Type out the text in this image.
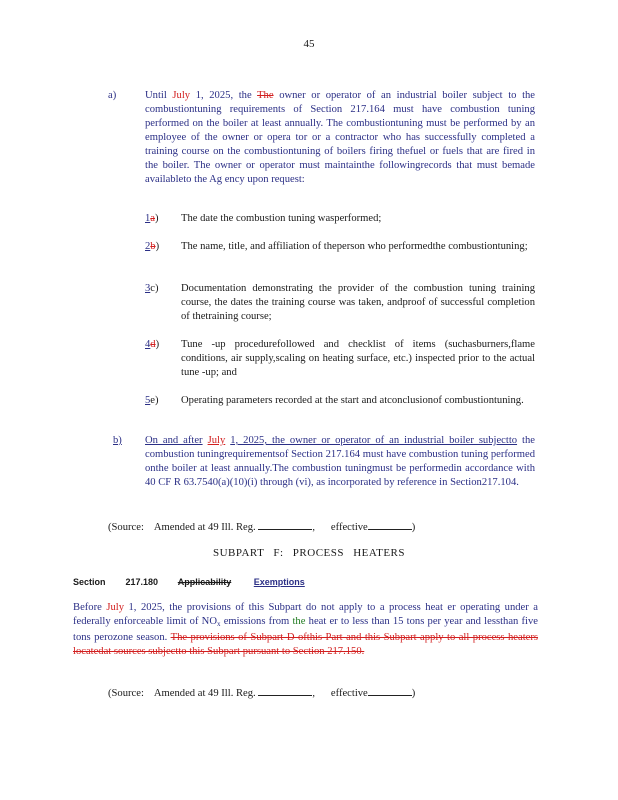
45
a)	Until July 1, 2025, the The owner or operator of an industrial boiler subject to the combustiontuning requirements of Section 217.164 must have combustion tuning performed on the boiler at least annually. The combustiontuning must be performed by an employee of the owner or opera tor or a contractor who has successfully completed a training course on the combustiontuning of boilers firing thefuel or fuels that are fired in the boiler. The owner or operator must maintainthe followingrecords that must bemade availableto the Ag ency upon request:
1a) The date the combustion tuning wasperformed;
2b) The name, title, and affiliation of theperson who performedthe combustiontuning;
3c) Documentation demonstrating the provider of the combustion tuning training course, the dates the training course was taken, andproof of successful completion of thetraining course;
4d) Tune -up procedurefollowed and checklist of items (suchasburners,flame conditions, air supply,scaling on heating surface, etc.) inspected prior to the actual tune -up; and
5e) Operating parameters recorded at the start and atconclusionof combustiontuning.
b) On and after July 1, 2025, the owner or operator of an industrial boiler subjectto the combustion tuningrequirementsof Section 217.164 must have combustion tuning performed onthe boiler at least annually.The combustion tuningmust be performedin accordance with 40 CF R 63.7540(a)(10)(i) through (vi), as incorporated by reference in Section217.104.
(Source: Amended at 49 Ill. Reg.	, effective	)
SUBPART F: PROCESS HEATERS
Section 217.180 Applicability	Exemptions
Before July 1, 2025, the provisions of this Subpart do not apply to a process heat er operating under a federally enforceable limit of $NO_x$ emissions from the heat er to less than 15 tons per year and lessthan five tons perozone season. The provisions of Subpart D ofthis Part and this Subpart apply to all process heaters locatedat sources subjectto this Subpart pursuant to Section 217.150.
(Source: Amended at 49 Ill. Reg.	, effective	)
